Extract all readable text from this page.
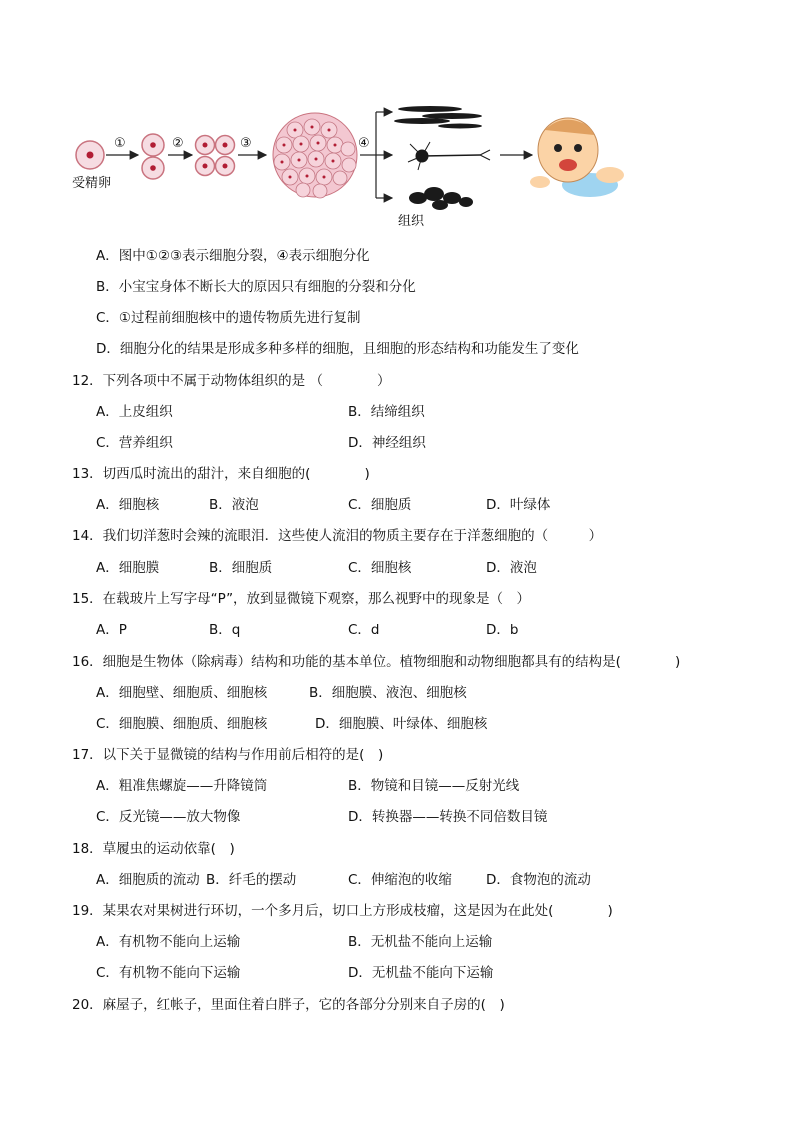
受精卵
①	②	③	④
组织
A．图中①②③表示细胞分裂，④表示细胞分化
B．小宝宝身体不断长大的原因只有细胞的分裂和分化
C．①过程前细胞核中的遗传物质先进行复制
D．细胞分化的结果是形成多种多样的细胞，且细胞的形态结构和功能发生了变化
12．下列各项中不属于动物体组织的是 （　　　　）
A．上皮组织	B．结缔组织
C．营养组织	D．神经组织
13．切西瓜时流出的甜汁，来自细胞的(　　　　)
A．细胞核	B．液泡	C．细胞质	D．叶绿体
14．我们切洋葱时会辣的流眼泪．这些使人流泪的物质主要存在于洋葱细胞的（　　　）
A．细胞膜	B．细胞质	C．细胞核	D．液泡
15．在载玻片上写字母“P”，放到显微镜下观察，那么视野中的现象是（　）
A．P	B．q	C．d	D．b
16．细胞是生物体（除病毒）结构和功能的基本单位。植物细胞和动物细胞都具有的结构是(　　　　)
A．细胞壁、细胞质、细胞核	B．细胞膜、液泡、细胞核
C．细胞膜、细胞质、细胞核	D．细胞膜、叶绿体、细胞核
17．以下关于显微镜的结构与作用前后相符的是(　)
A．粗准焦螺旋——升降镜筒	B．物镜和目镜——反射光线
C．反光镜——放大物像	D．转换器——转换不同倍数目镜
18．草履虫的运动依靠(　)
A．细胞质的流动 B．纤毛的摆动	C．伸缩泡的收缩	D．食物泡的流动
19．某果农对果树进行环切，一个多月后，切口上方形成枝瘤，这是因为在此处(　　　　)
A．有机物不能向上运输	B．无机盐不能向上运输
C．有机物不能向下运输	D．无机盐不能向下运输
20．麻屋子，红帐子，里面住着白胖子，它的各部分分别来自子房的(　)
